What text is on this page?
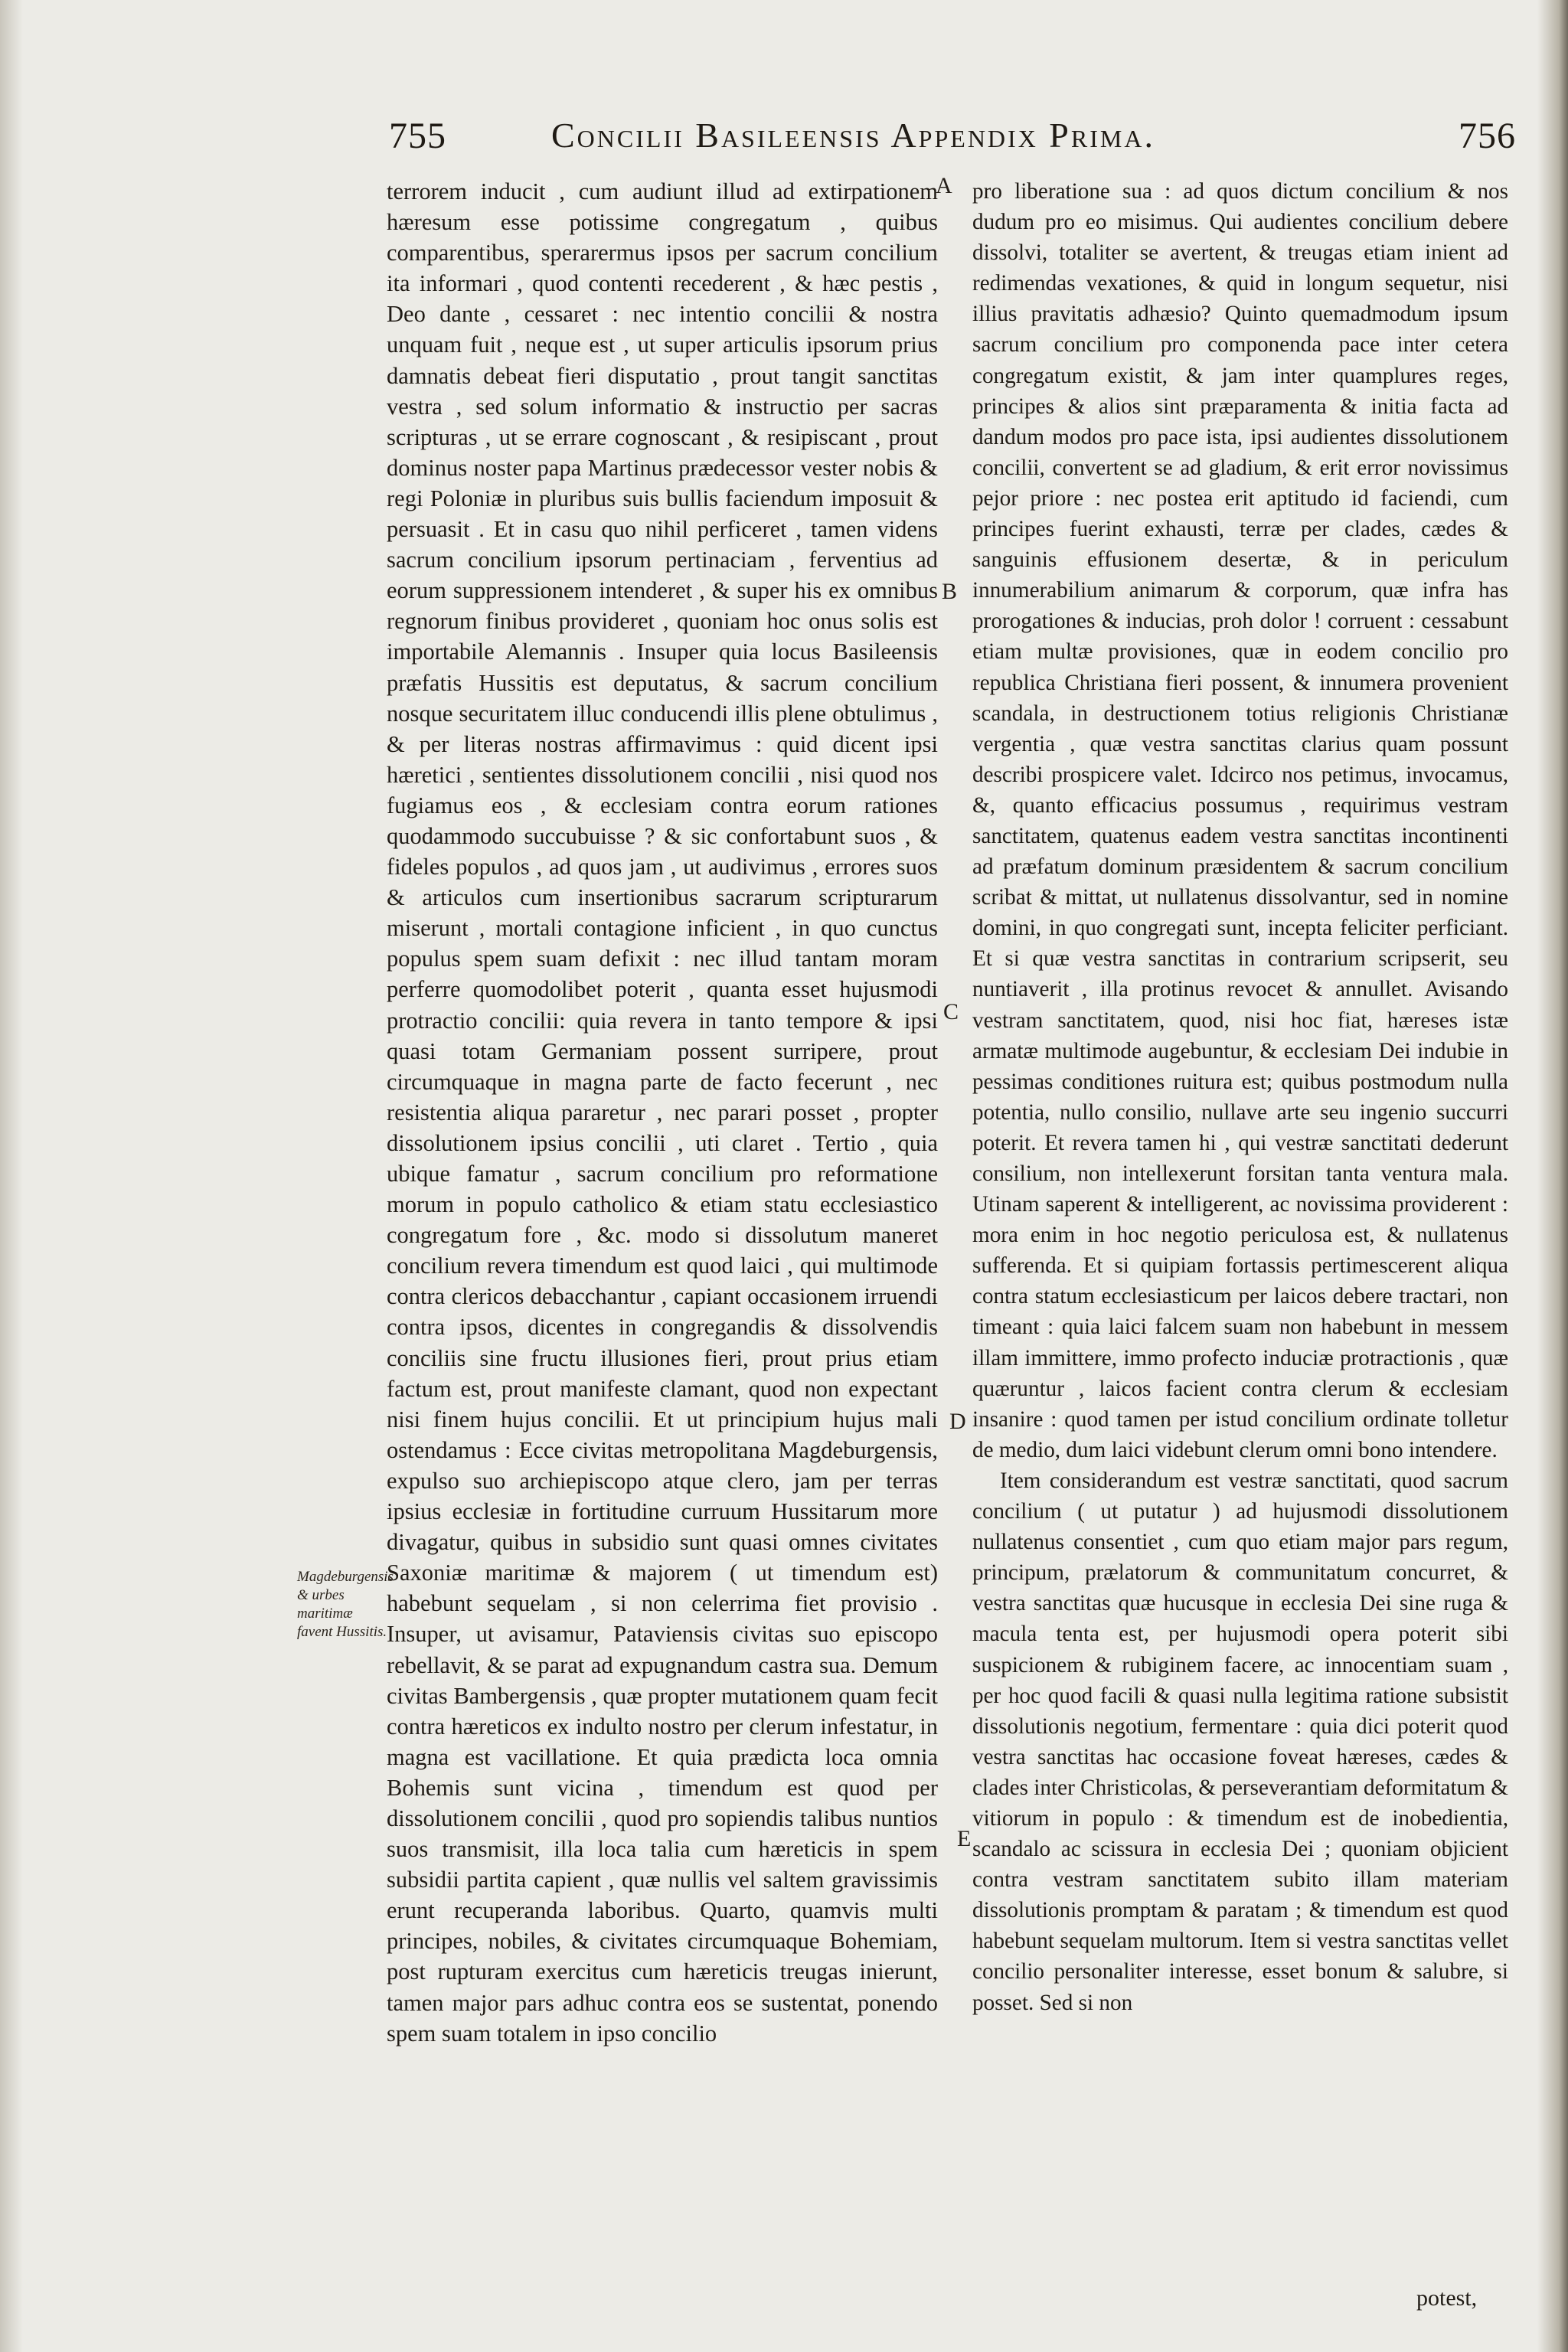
755	Concilii Basileensis Appendix Prima.	756

terrorem inducit , cum audiunt illud ad extirpationem hæresum esse potissime congregatum , quibus comparentibus, sperarermus ipsos per sacrum concilium ita informari , quod contenti recederent , & hæc pestis , Deo dante , cessaret : nec intentio concilii & nostra unquam fuit , neque est , ut super articulis ipsorum prius damnatis debeat fieri disputatio , prout tangit sanctitas vestra , sed solum informatio & instructio per sacras scripturas , ut se errare cognoscant , & resipiscant , prout dominus noster papa Martinus prædecessor vester nobis & regi Poloniæ in pluribus suis bullis faciendum imposuit & persuasit . Et in casu quo nihil perficeret , tamen videns sacrum concilium ipsorum pertinaciam , ferventius ad eorum suppressionem intenderet , & super his ex omnibus regnorum finibus provideret , quoniam hoc onus solis est importabile Alemannis . Insuper quia locus Basileensis præfatis Hussitis est deputatus, & sacrum concilium nosque securitatem illuc conducendi illis plene obtulimus , & per literas nostras affirmavimus : quid dicent ipsi hæretici , sentientes dissolutionem concilii , nisi quod nos fugiamus eos , & ecclesiam contra eorum rationes quodammodo succubuisse ? & sic confortabunt suos , & fideles populos , ad quos jam , ut audivimus , errores suos & articulos cum insertionibus sacrarum scripturarum miserunt , mortali contagione inficient , in quo cunctus populus spem suam defixit : nec illud tantam moram perferre quomodolibet poterit , quanta esset hujusmodi protractio concilii: quia revera in tanto tempore & ipsi quasi totam Germaniam possent surripere, prout circumquaque in magna parte de facto fecerunt , nec resistentia aliqua pararetur , nec parari posset , propter dissolutionem ipsius concilii , uti claret . Tertio , quia ubique famatur , sacrum concilium pro reformatione morum in populo catholico & etiam statu ecclesiastico congregatum fore , &c. modo si dissolutum maneret concilium revera timendum est quod laici , qui multimode contra clericos debacchantur , capiant occasionem irruendi contra ipsos, dicentes in congregandis & dissolvendis conciliis sine fructu illusiones fieri, prout prius etiam factum est, prout manifeste clamant, quod non expectant nisi finem hujus concilii. Et ut principium hujus mali ostendamus : Ecce civitas metropolitana Magdeburgensis, expulso suo archiepiscopo atque clero, jam per terras ipsius ecclesiæ in fortitudine curruum Hussitarum more divagatur, quibus in subsidio sunt quasi omnes civitates Saxoniæ maritimæ & majorem ( ut timendum est) habebunt sequelam , si non celerrima fiet provisio . Insuper, ut avisamur, Pataviensis civitas suo episcopo rebellavit, & se parat ad expugnandum castra sua. Demum civitas Bambergensis , quæ propter mutationem quam fecit contra hæreticos ex indulto nostro per clerum infestatur, in magna est vacillatione. Et quia prædicta loca omnia Bohemis sunt vicina , timendum est quod per dissolutionem concilii , quod pro sopiendis talibus nuntios suos transmisit, illa loca talia cum hæreticis in spem subsidii partita capient , quæ nullis vel saltem gravissimis erunt recuperanda laboribus. Quarto, quamvis multi principes, nobiles, & civitates circumquaque Bohemiam, post rupturam exercitus cum hæreticis treugas inierunt, tamen major pars adhuc contra eos se sustentat, ponendo spem suam totalem in ipso concilio

pro liberatione sua : ad quos dictum concilium & nos dudum pro eo misimus. Qui audientes concilium debere dissolvi, totaliter se avertent, & treugas etiam inient ad redimendas vexationes, & quid in longum sequetur, nisi illius pravitatis adhæsio? Quinto quemadmodum ipsum sacrum concilium pro componenda pace inter cetera congregatum existit, & jam inter quamplures reges, principes & alios sint præparamenta & initia facta ad dandum modos pro pace ista, ipsi audientes dissolutionem concilii, convertent se ad gladium, & erit error novissimus pejor priore : nec postea erit aptitudo id faciendi, cum principes fuerint exhausti, terræ per clades, cædes & sanguinis effusionem desertæ, & in periculum innumerabilium animarum & corporum, quæ infra has prorogationes & inducias, proh dolor ! corruent : cessabunt etiam multæ provisiones, quæ in eodem concilio pro republica Christiana fieri possent, & innumera provenient scandala, in destructionem totius religionis Christianæ vergentia , quæ vestra sanctitas clarius quam possunt describi prospicere valet. Idcirco nos petimus, invocamus, &, quanto efficacius possumus , requirimus vestram sanctitatem, quatenus eadem vestra sanctitas incontinenti ad præfatum dominum præsidentem & sacrum concilium scribat & mittat, ut nullatenus dissolvantur, sed in nomine domini, in quo congregati sunt, incepta feliciter perficiant. Et si quæ vestra sanctitas in contrarium scripserit, seu nuntiaverit , illa protinus revocet & annullet. Avisando vestram sanctitatem, quod, nisi hoc fiat, hæreses istæ armatæ multimode augebuntur, & ecclesiam Dei indubie in pessimas conditiones ruitura est; quibus postmodum nulla potentia, nullo consilio, nullave arte seu ingenio succurri poterit. Et revera tamen hi , qui vestræ sanctitati dederunt consilium, non intellexerunt forsitan tanta ventura mala. Utinam saperent & intelligerent, ac novissima providerent : mora enim in hoc negotio periculosa est, & nullatenus sufferenda. Et si quipiam fortassis pertimescerent aliqua contra statum ecclesiasticum per laicos debere tractari, non timeant : quia laici falcem suam non habebunt in messem illam immittere, immo profecto induciæ protractionis , quæ quæruntur , laicos facient contra clerum & ecclesiam insanire : quod tamen per istud concilium ordinate tolletur de medio, dum laici videbunt clerum omni bono intendere.

Item considerandum est vestræ sanctitati, quod sacrum concilium ( ut putatur ) ad hujusmodi dissolutionem nullatenus consentiet , cum quo etiam major pars regum, principum, prælatorum & communitatum concurret, & vestra sanctitas quæ hucusque in ecclesia Dei sine ruga & macula tenta est, per hujusmodi opera poterit sibi suspicionem & rubiginem facere, ac innocentiam suam , per hoc quod facili & quasi nulla legitima ratione subsistit dissolutionis negotium, fermentare : quia dici poterit quod vestra sanctitas hac occasione foveat hæreses, cædes & clades inter Christicolas, & perseverantiam deformitatum & vitiorum in populo : & timendum est de inobedientia, scandalo ac scissura in ecclesia Dei ; quoniam objicient contra vestram sanctitatem subito illam materiam dissolutionis promptam & paratam ; & timendum est quod habebunt sequelam multorum. Item si vestra sanctitas vellet concilio personaliter interesse, esset bonum & salubre, si posset. Sed si non

A
B
C
D
E
Magdeburgensis & urbes maritimæ favent Hussitis.
potest,
